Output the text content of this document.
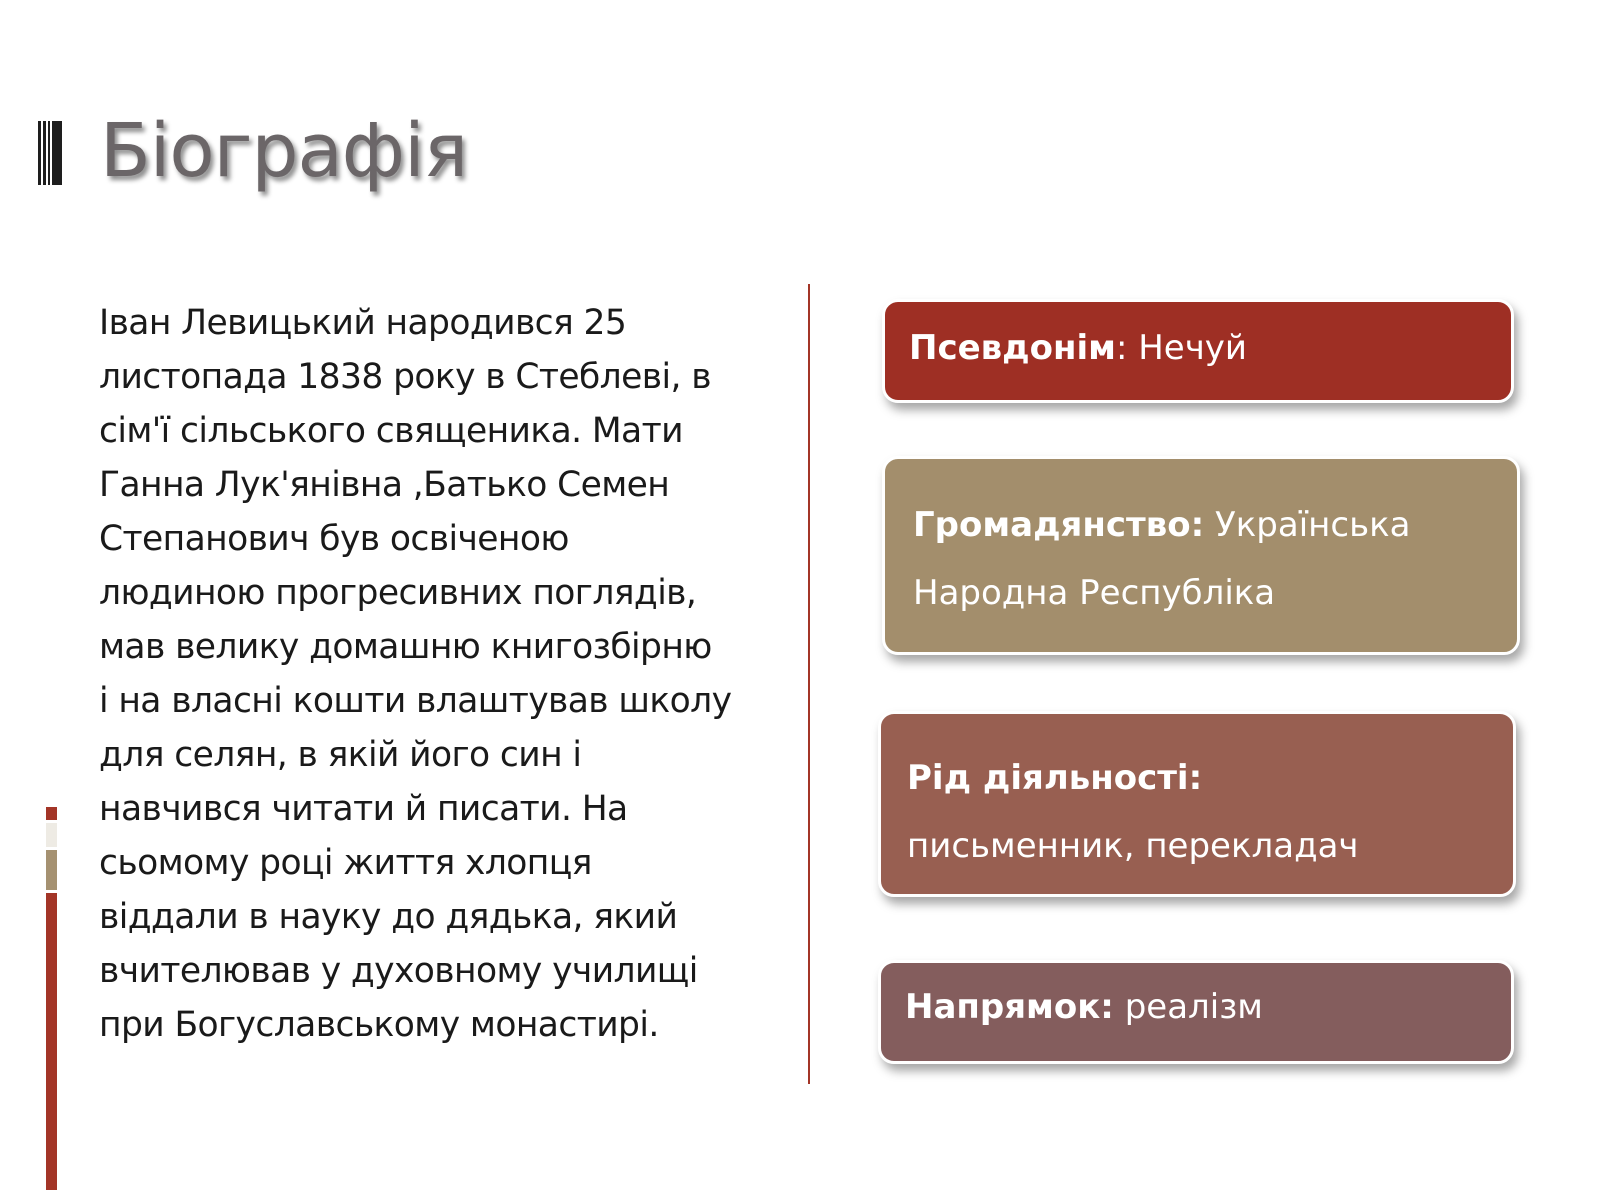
Біографія
Іван Левицький народився 25
листопада 1838 року в Стеблеві, в
сім'ї сільського священика. Мати
Ганна Лук'янівна ,Батько Семен
Степанович був освіченою
людиною прогресивних поглядів,
мав велику домашню книгозбірню
і на власні кошти влаштував школу
для селян, в якій його син і
навчився читати й писати. На
сьомому році життя хлопця
віддали в науку до дядька, який
вчителював у духовному училищі
при Богуславському монастирі.
Псевдонім: Нечуй
Громадянство: Українська
Народна Республіка
Рід діяльності:
письменник, перекладач
Напрямок: реалізм
